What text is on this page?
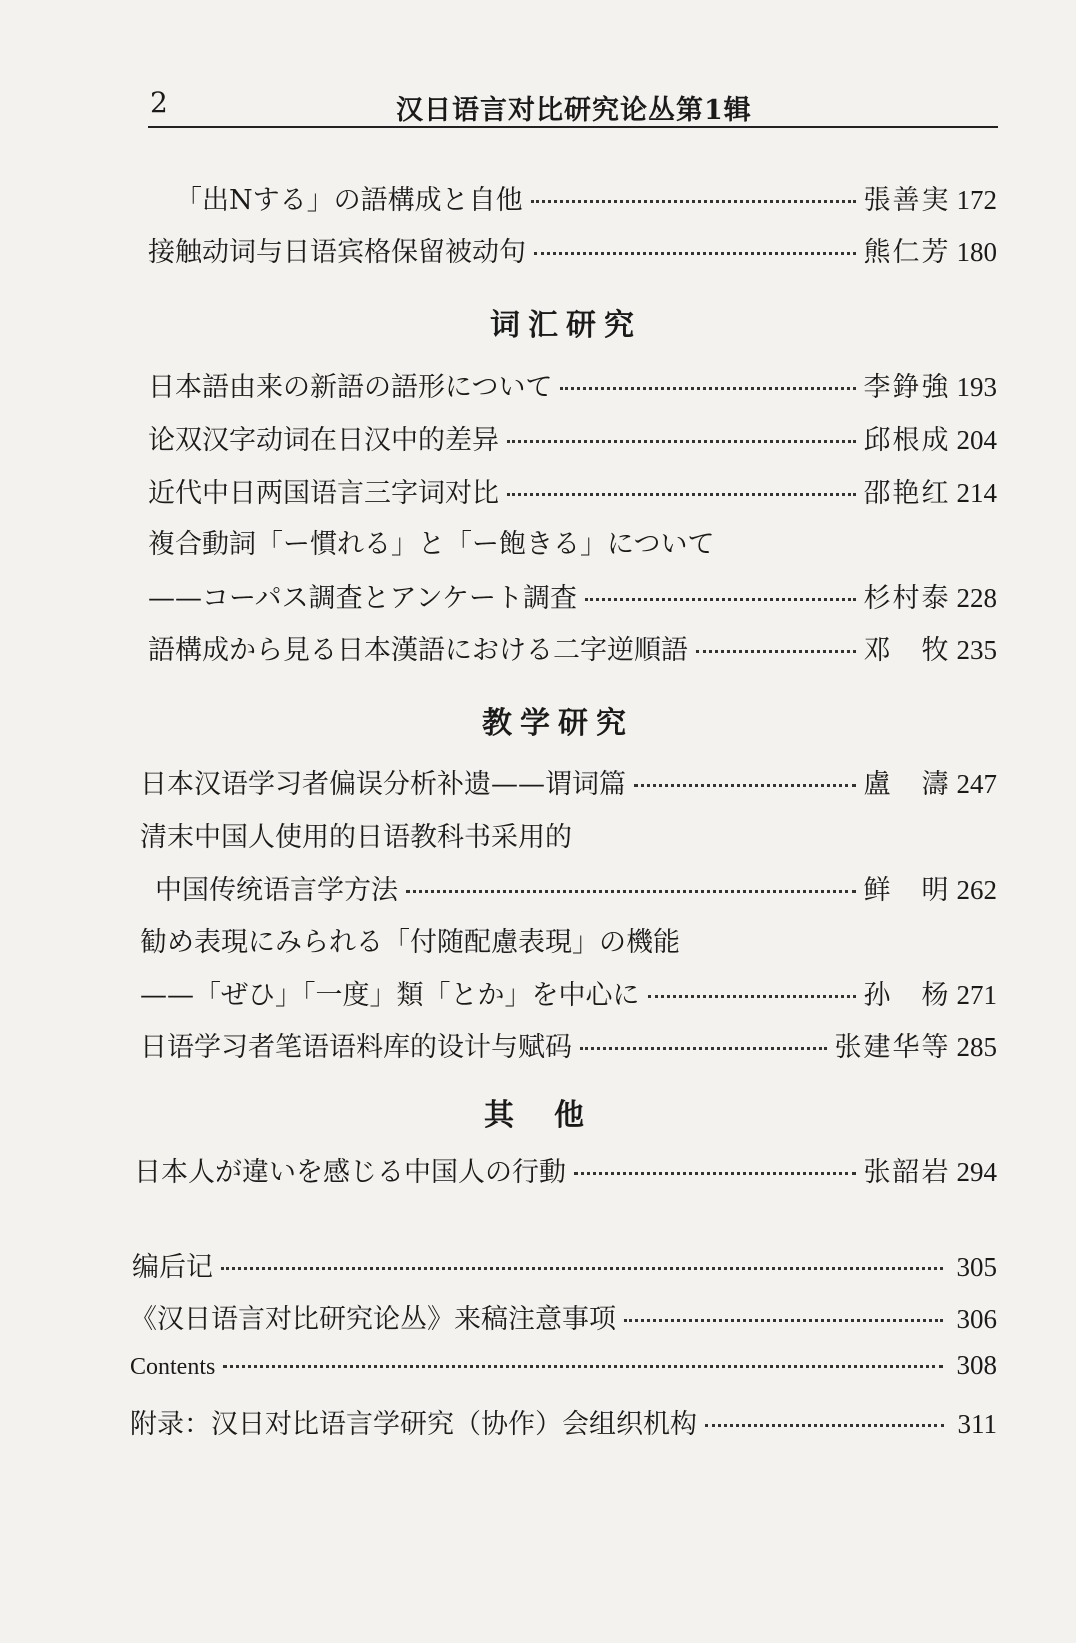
2	汉日语言对比研究论丛第1辑
「出Nする」の語構成と自他	張善実 172
接触动词与日语宾格保留被动句	熊仁芳 180
词汇研究
日本語由来の新語の語形について	李錚強 193
论双汉字动词在日汉中的差异	邱根成 204
近代中日两国语言三字词对比	邵艳红 214
複合動詞「ー慣れる」と「ー飽きる」について
——コーパス調査とアンケート調査	杉村泰 228
語構成から見る日本漢語における二字逆順語	邓　牧 235
教学研究
日本汉语学习者偏误分析补遗——谓词篇	盧　濤 247
清末中国人使用的日语教科书采用的
中国传统语言学方法	鲜　明 262
勧め表現にみられる「付随配慮表現」の機能
——「ぜひ」「一度」類「とか」を中心に	孙　杨 271
日语学习者笔语语料库的设计与赋码	张建华等 285
其他
日本人が違いを感じる中国人の行動	张韶岩 294
编后记	305
《汉日语言对比研究论丛》来稿注意事项	306
Contents	308
附录：汉日对比语言学研究（协作）会组织机构	311
